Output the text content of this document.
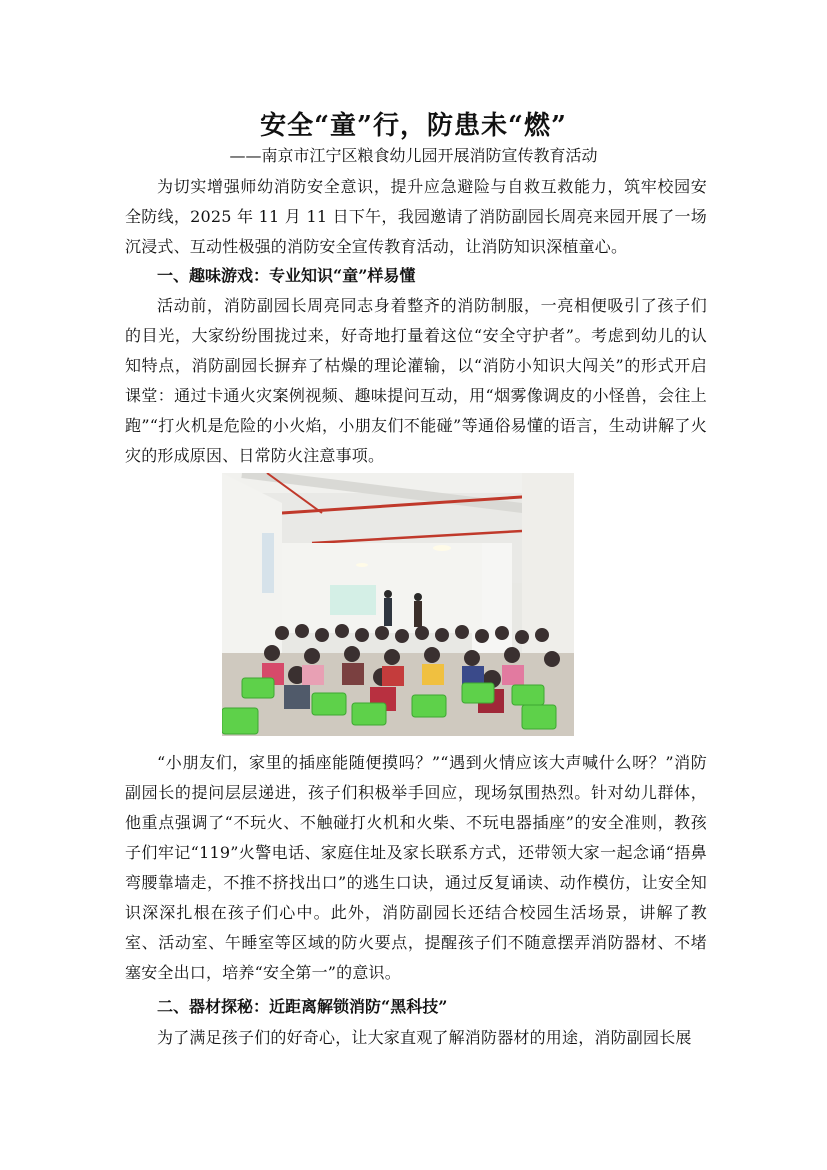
安全“童”行，防患未“燃”

——南京市江宁区粮食幼儿园开展消防宣传教育活动

为切实增强师幼消防安全意识，提升应急避险与自救互救能力，筑牢校园安全防线，2025 年 11 月 11 日下午，我园邀请了消防副园长周亮来园开展了一场沉浸式、互动性极强的消防安全宣传教育活动，让消防知识深植童心。

一、趣味游戏：专业知识“童”样易懂

活动前，消防副园长周亮同志身着整齐的消防制服，一亮相便吸引了孩子们的目光，大家纷纷围拢过来，好奇地打量着这位“安全守护者”。考虑到幼儿的认知特点，消防副园长摒弃了枯燥的理论灌输，以“消防小知识大闯关”的形式开启课堂：通过卡通火灾案例视频、趣味提问互动，用“烟雾像调皮的小怪兽，会往上跑”“打火机是危险的小火焰，小朋友们不能碰”等通俗易懂的语言，生动讲解了火灾的形成原因、日常防火注意事项。

“小朋友们，家里的插座能随便摸吗？”“遇到火情应该大声喊什么呀？”消防副园长的提问层层递进，孩子们积极举手回应，现场氛围热烈。针对幼儿群体，他重点强调了“不玩火、不触碰打火机和火柴、不玩电器插座”的安全准则，教孩子们牢记“119”火警电话、家庭住址及家长联系方式，还带领大家一起念诵“捂鼻弯腰靠墙走，不推不挤找出口”的逃生口诀，通过反复诵读、动作模仿，让安全知识深深扎根在孩子们心中。此外，消防副园长还结合校园生活场景，讲解了教室、活动室、午睡室等区域的防火要点，提醒孩子们不随意摆弄消防器材、不堵塞安全出口，培养“安全第一”的意识。

二、器材探秘：近距离解锁消防“黑科技”

为了满足孩子们的好奇心，让大家直观了解消防器材的用途，消防副园长展
